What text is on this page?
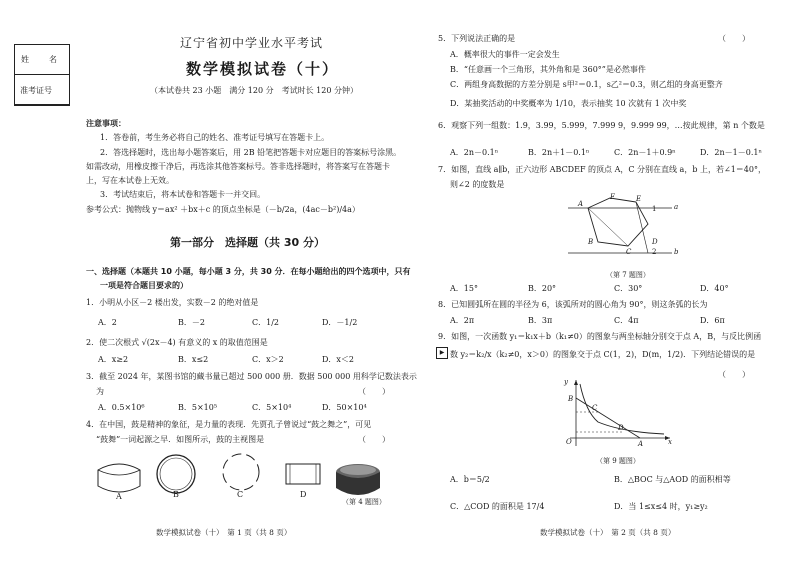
姓　名
准考证号
辽宁省初中学业水平考试
数学模拟试卷（十）
（本试卷共 23 小题　满分 120 分　考试时长 120 分钟）
注意事项：
1．答卷前，考生务必将自己的姓名、准考证号填写在答题卡上。
2．答选择题时，选出每小题答案后，用 2B 铅笔把答题卡对应题目的答案标号涂黑。
如需改动，用橡皮擦干净后，再选涂其他答案标号。答非选择题时，将答案写在答题卡
上，写在本试卷上无效。
3．考试结束后，将本试卷和答题卡一并交回。
参考公式：抛物线 y＝ax² ＋bx＋c 的顶点坐标是（－b/2a，(4ac－b²)/4a）
第一部分　选择题（共 30 分）
一、选择题（本题共 10 小题，每小题 3 分，共 30 分．在每小题给出的四个选项中，只有
一项是符合题目要求的）
1．小明从小区－2 楼出发，实数－2 的绝对值是
A．2	B．－2	C．1/2	D．－1/2
2．使二次根式 √(2x－4) 有意义的 x 的取值范围是
A．x≥2	B．x≤2	C．x＞2	D．x＜2
3．截至 2024 年，某图书馆的藏书量已超过 500 000 册．数据 500 000 用科学记数法表示
为	（　　）
A．0.5×10⁶	B．5×10⁵	C．5×10⁴	D．50×10⁴
4．在中国，鼓是精神的象征，是力量的表现．先贾孔子曾说过“鼓之舞之”，可见
“鼓舞”一词起源之早．如图所示，鼓的主视图是	（　　）
A	B	C	D
（第 4 题图）
数学模拟试卷（十）　第 1 页（共 8 页）
5．下列说法正确的是	（　　）
A．概率很大的事件一定会发生
B．“任意画一个三角形，其外角和是 360°”是必然事件
C．两组身高数据的方差分别是 s甲²＝0.1，s乙²＝0.3，则乙组的身高更整齐
D．某抽奖活动的中奖概率为 1/10，表示抽奖 10 次就有 1 次中奖
6．观察下列一组数：1.9，3.99，5.999，7.999 9，9.999 99，…按此规律，第 n 个数是
A．2n－0.1ⁿ	B．2n＋1－0.1ⁿ	C．2n－1＋0.9ⁿ	D．2n－1－0.1ⁿ
7．如图，直线 a∥b，正六边形 ABCDEF 的顶点 A，C 分别在直线 a，b 上，若∠1＝40°，
则∠2 的度数是
A
F	E
a
1
B
C
D
2	b
（第 7 题图）
A．15°	B．20°	C．30°	D．40°
8．已知圆弧所在圆的半径为 6，该弧所对的圆心角为 90°，则这条弧的长为
A．2π	B．3π	C．4π	D．6π
9．如图，一次函数 y₁＝k₁x＋b（k₁≠0）的图象与两坐标轴分别交于点 A，B，与反比例函
▶ 数 y₂＝k₂/x（k₂≠0，x＞0）的图象交于点 C(1，2)，D(m，1/2)．下列结论错误的是
（　　）
y
B
C
D
O	A	x
（第 9 题图）
A．b＝5/2	B．△BOC 与△AOD 的面积相等
C．△COD 的面积是 17/4	D．当 1≤x≤4 时，y₁≥y₂
数学模拟试卷（十）　第 2 页（共 8 页）
